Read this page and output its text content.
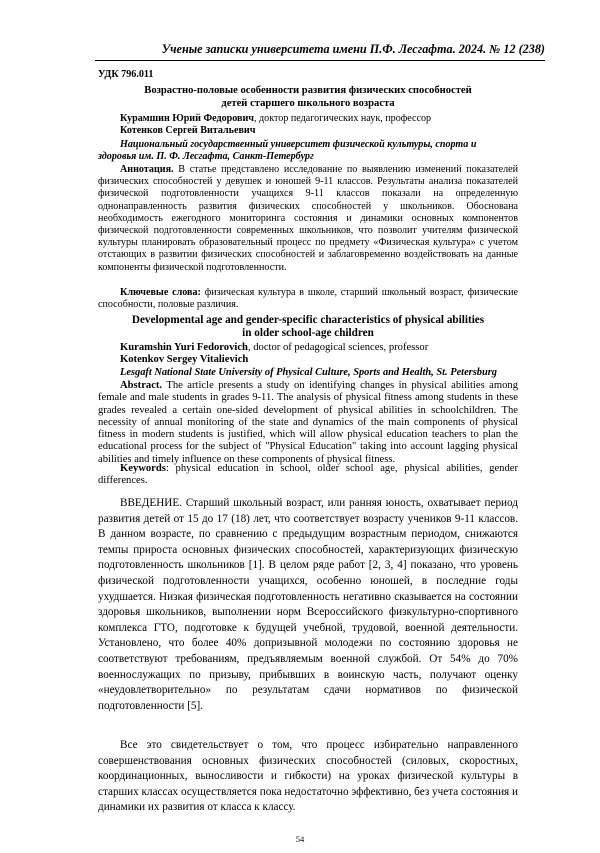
Ученые записки университета имени П.Ф. Лесгафта. 2024. № 12 (238)
УДК 796.011
Возрастно-половые особенности развития физических способностей
детей старшего школьного возраста
Курамшин Юрий Федорович, доктор педагогических наук, профессор
Котенков Сергей Витальевич
Национальный государственный университет физической культуры, спорта и
здоровья им. П. Ф. Лесгафта, Санкт-Петербург

Аннотация. В статье представлено исследование по выявлению изменений показателей физических способностей у девушек и юношей 9-11 классов. Результаты анализа показателей физической подготовленности учащихся 9-11 классов показали на определенную однонаправленность развития физических способностей у школьников. Обоснована необходимость ежегодного мониторинга состояния и динамики основных компонентов физической подготовленности современных школьников, что позволит учителям физической культуры планировать образовательный процесс по предмету «Физическая культура» с учетом отстающих в развитии физических способностей и заблаговременно воздействовать на данные компоненты физической подготовленности.

Ключевые слова: физическая культура в школе, старший школьный возраст, физические способности, половые различия.

Developmental age and gender-specific characteristics of physical abilities
in older school-age children
Kuramshin Yuri Fedorovich, doctor of pedagogical sciences, professor
Kotenkov Sergey Vitalievich
Lesgaft National State University of Physical Culture, Sports and Health, St. Petersburg

Abstract. The article presents a study on identifying changes in physical abilities among female and male students in grades 9-11. The analysis of physical fitness among students in these grades revealed a certain one-sided development of physical abilities in schoolchildren. The necessity of annual monitoring of the state and dynamics of the main components of physical fitness in modern students is justified, which will allow physical education teachers to plan the educational process for the subject of "Physical Education" taking into account lagging physical abilities and timely influence on these components of physical fitness.

Keywords: physical education in school, older school age, physical abilities, gender differences.

ВВЕДЕНИЕ. Старший школьный возраст, или ранняя юность, охватывает период развития детей от 15 до 17 (18) лет, что соответствует возрасту учеников 9-11 классов. В данном возрасте, по сравнению с предыдущим возрастным периодом, снижаются темпы прироста основных физических способностей, характеризующих физическую подготовленность школьников [1]. В целом ряде работ [2, 3, 4] показано, что уровень физической подготовленности учащихся, особенно юношей, в последние годы ухудшается. Низкая физическая подготовленность негативно сказывается на состоянии здоровья школьников, выполнении норм Всероссийского физкультурно-спортивного комплекса ГТО, подготовке к будущей учебной, трудовой, военной деятельности. Установлено, что более 40% допризывной молодежи по состоянию здоровья не соответствуют требованиям, предъявляемым военной службой. От 54% до 70% военнослужащих по призыву, прибывших в воинскую часть, получают оценку «неудовлетворительно» по результатам сдачи нормативов по физической подготовленности [5].

Все это свидетельствует о том, что процесс избирательно направленного совершенствования основных физических способностей (силовых, скоростных, координационных, выносливости и гибкости) на уроках физической культуры в старших классах осуществляется пока недостаточно эффективно, без учета состояния и динамики их развития от класса к классу.

54
